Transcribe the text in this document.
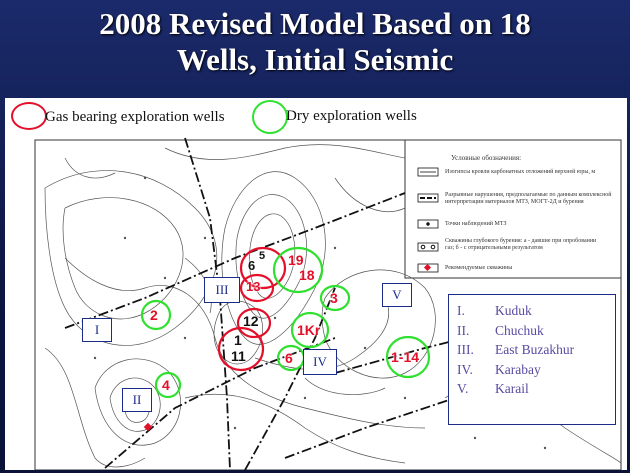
2008 Revised Model Based on 18
Wells, Initial Seismic
Gas bearing exploration wells	Dry exploration wells
Условные обозначения:
Изогипсы кровли карбонатных отложений верхней юры, м
Разрывные нарушения, предполагаемые по данным комплексной интерпретации материалов МТЗ, МОГТ-2Д и бурения
Точки наблюдений МТЗ
Скважины глубокого бурения: а - давшие при опробовании газ; б - с отрицательными результатом
Рекомендуемые скважины
I
II
III
IV
V
6
5 19
18
13
3
2	12
1Kr
1
11	6	1-14
4
I. Kuduk
II. Chuchuk
III. East Buzakhur
IV. Karabay
V. Karail
